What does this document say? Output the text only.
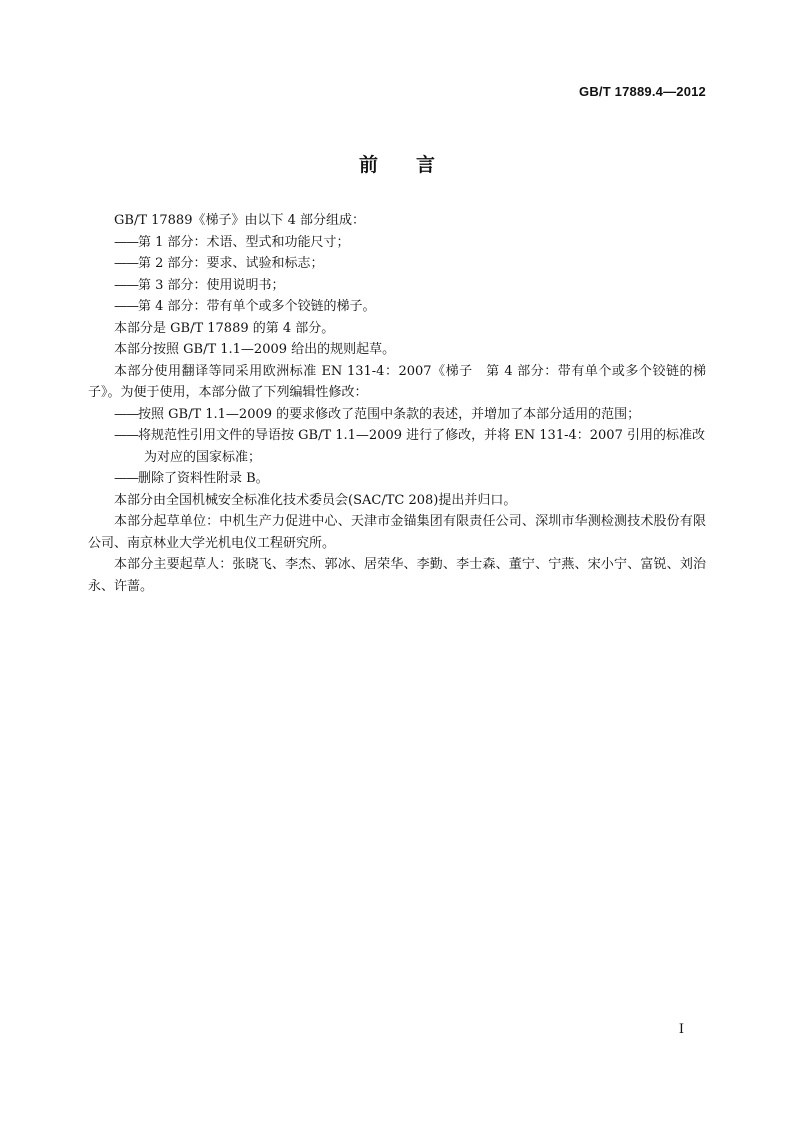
GB/T 17889.4—2012
前言

GB/T 17889《梯子》由以下 4 部分组成：

——第 1 部分：术语、型式和功能尺寸；

——第 2 部分：要求、试验和标志；

——第 3 部分：使用说明书；

——第 4 部分：带有单个或多个铰链的梯子。

本部分是 GB/T 17889 的第 4 部分。

本部分按照 GB/T 1.1—2009 给出的规则起草。

本部分使用翻译等同采用欧洲标准 EN 131-4：2007《梯子　第 4 部分：带有单个或多个铰链的梯子》。为便于使用，本部分做了下列编辑性修改：

——按照 GB/T 1.1—2009 的要求修改了范围中条款的表述，并增加了本部分适用的范围；

——将规范性引用文件的导语按 GB/T 1.1—2009 进行了修改，并将 EN 131-4：2007 引用的标准改为对应的国家标准；

——删除了资料性附录 B。

本部分由全国机械安全标准化技术委员会(SAC/TC 208)提出并归口。

本部分起草单位：中机生产力促进中心、天津市金锚集团有限责任公司、深圳市华测检测技术股份有限公司、南京林业大学光机电仪工程研究所。

本部分主要起草人：张晓飞、李杰、郭冰、居荣华、李勤、李士森、董宁、宁燕、宋小宁、富锐、刘治永、许蔷。

I
